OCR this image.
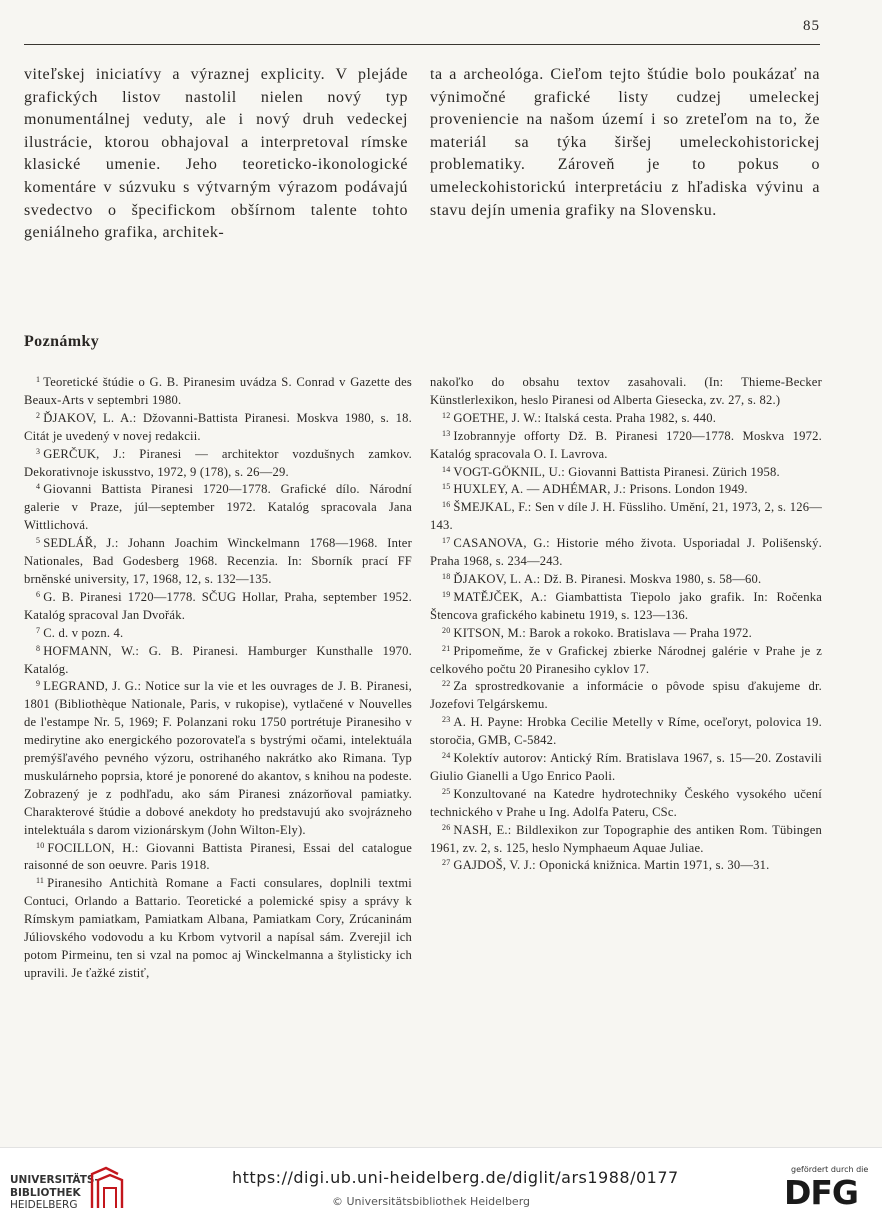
85

viteľskej iniciatívy a výraznej explicity. V plejáde grafických listov nastolil nielen nový typ monumentálnej veduty, ale i nový druh vedeckej ilustrácie, ktorou obhajoval a interpretoval rímske klasické umenie. Jeho teoreticko-ikonologické komentáre v súzvuku s výtvarným výrazom podávajú svedectvo o špecifickom obšírnom talente tohto geniálneho grafika, architek-

ta a archeológa. Cieľom tejto štúdie bolo poukázať na výnimočné grafické listy cudzej umeleckej proveniencie na našom území i so zreteľom na to, že materiál sa týka širšej umeleckohistorickej problematiky. Zároveň je to pokus o umeleckohistorickú interpretáciu z hľadiska vývinu a stavu dejín umenia grafiky na Slovensku.

Poznámky

$^1$ Teoretické štúdie o G. B. Piranesim uvádza S. Conrad v Gazette des Beaux-Arts v septembri 1980.

$^2$ ĎJAKOV, L. A.: Džovanni-Battista Piranesi. Moskva 1980, s. 18. Citát je uvedený v novej redakcii.

$^3$ GERČUK, J.: Piranesi — architektor vozdušnych zamkov. Dekorativnoje iskusstvo, 1972, 9 (178), s. 26—29.

$^4$ Giovanni Battista Piranesi 1720—1778. Grafické dílo. Národní galerie v Praze, júl—september 1972. Katalóg spracovala Jana Wittlichová.

$^5$ SEDLÁŘ, J.: Johann Joachim Winckelmann 1768—1968. Inter Nationales, Bad Godesberg 1968. Recenzia. In: Sborník prací FF brněnské university, 17, 1968, 12, s. 132—135.

$^6$ G. B. Piranesi 1720—1778. SČUG Hollar, Praha, september 1952. Katalóg spracoval Jan Dvořák.

$^7$ C. d. v pozn. 4.

$^8$ HOFMANN, W.: G. B. Piranesi. Hamburger Kunsthalle 1970. Katalóg.

$^9$ LEGRAND, J. G.: Notice sur la vie et les ouvrages de J. B. Piranesi, 1801 (Bibliothèque Nationale, Paris, v rukopise), vytlačené v Nouvelles de l'estampe Nr. 5, 1969; F. Polanzani roku 1750 portrétuje Piranesiho v medirytine ako energického pozorovateľa s bystrými očami, intelektuála premýšľavého pevného výzoru, ostrihaného nakrátko ako Rimana. Typ muskulárneho poprsia, ktoré je ponorené do akantov, s knihou na podeste. Zobrazený je z podhľadu, ako sám Piranesi znázorňoval pamiatky. Charakterové štúdie a dobové anekdoty ho predstavujú ako svojrázneho intelektuála s darom vizionárskym (John Wilton-Ely).

$^{10}$ FOCILLON, H.: Giovanni Battista Piranesi, Essai del catalogue raisonné de son oeuvre. Paris 1918.

$^{11}$ Piranesiho Antichità Romane a Facti consulares, doplnili textmi Contuci, Orlando a Battario. Teoretické a polemické spisy a správy k Rímskym pamiatkam, Pamiatkam Albana, Pamiatkam Cory, Zrúcaninám Júliovského vodovodu a ku Krbom vytvoril a napísal sám. Zverejil ich potom Pirmeinu, ten si vzal na pomoc aj Winckelmanna a štylisticky ich upravili. Je ťažké zistiť,

nakoľko do obsahu textov zasahovali. (In: Thieme-Becker Künstlerlexikon, heslo Piranesi od Alberta Giesecka, zv. 27, s. 82.)

$^{12}$ GOETHE, J. W.: Italská cesta. Praha 1982, s. 440.

$^{13}$ Izobrannyje offorty Dž. B. Piranesi 1720—1778. Moskva 1972. Katalóg spracovala O. I. Lavrova.

$^{14}$ VOGT-GÖKNIL, U.: Giovanni Battista Piranesi. Zürich 1958.

$^{15}$ HUXLEY, A. — ADHÉMAR, J.: Prisons. London 1949.

$^{16}$ ŠMEJKAL, F.: Sen v díle J. H. Füssliho. Umění, 21, 1973, 2, s. 126—143.

$^{17}$ CASANOVA, G.: Historie mého života. Usporiadal J. Polišenský. Praha 1968, s. 234—243.

$^{18}$ ĎJAKOV, L. A.: Dž. B. Piranesi. Moskva 1980, s. 58—60.

$^{19}$ MATĚJČEK, A.: Giambattista Tiepolo jako grafik. In: Ročenka Štencova grafického kabinetu 1919, s. 123—136.

$^{20}$ KITSON, M.: Barok a rokoko. Bratislava — Praha 1972.

$^{21}$ Pripomeňme, že v Grafickej zbierke Národnej galérie v Prahe je z celkového počtu 20 Piranesiho cyklov 17.

$^{22}$ Za sprostredkovanie a informácie o pôvode spisu ďakujeme dr. Jozefovi Telgárskemu.

$^{23}$ A. H. Payne: Hrobka Cecilie Metelly v Ríme, oceľoryt, polovica 19. storočia, GMB, C-5842.

$^{24}$ Kolektív autorov: Antický Rím. Bratislava 1967, s. 15—20. Zostavili Giulio Gianelli a Ugo Enrico Paoli.

$^{25}$ Konzultované na Katedre hydrotechniky Českého vysokého učení technického v Prahe u Ing. Adolfa Pateru, CSc.

$^{26}$ NASH, E.: Bildlexikon zur Topographie des antiken Rom. Tübingen 1961, zv. 2, s. 125, heslo Nymphaeum Aquae Juliae.

$^{27}$ GAJDOŠ, V. J.: Oponická knižnica. Martin 1971, s. 30—31.

UNIVERSITÄTS-
BIBLIOTHEK
HEIDELBERG
https://digi.ub.uni-heidelberg.de/diglit/ars1988/0177
© Universitätsbibliothek Heidelberg
gefördert durch die
DFG
